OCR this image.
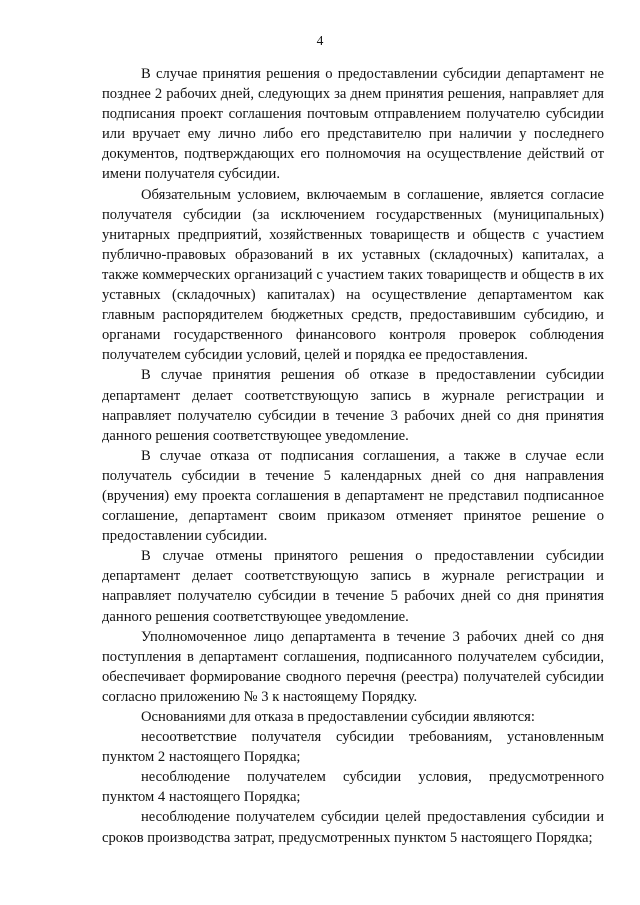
4

В случае принятия решения о предоставлении субсидии департамент не позднее 2 рабочих дней, следующих за днем принятия решения, направляет для подписания проект соглашения почтовым отправлением получателю субсидии или вручает ему лично либо его представителю при наличии у последнего документов, подтверждающих его полномочия на осуществление действий от имени получателя субсидии.

Обязательным условием, включаемым в соглашение, является согласие получателя субсидии (за исключением государственных (муниципальных) унитарных предприятий, хозяйственных товариществ и обществ с участием публично-правовых образований в их уставных (складочных) капиталах, а также коммерческих организаций с участием таких товариществ и обществ в их уставных (складочных) капиталах) на осуществление департаментом как главным распорядителем бюджетных средств, предоставившим субсидию, и органами государственного финансового контроля проверок соблюдения получателем субсидии условий, целей и порядка ее предоставления.

В случае принятия решения об отказе в предоставлении субсидии департамент делает соответствующую запись в журнале регистрации и направляет получателю субсидии в течение 3 рабочих дней со дня принятия данного решения соответствующее уведомление.

В случае отказа от подписания соглашения, а также в случае если получатель субсидии в течение 5 календарных дней со дня направления (вручения) ему проекта соглашения в департамент не представил подписанное соглашение, департамент своим приказом отменяет принятое решение о предоставлении субсидии.

В случае отмены принятого решения о предоставлении субсидии департамент делает соответствующую запись в журнале регистрации и направляет получателю субсидии в течение 5 рабочих дней со дня принятия данного решения соответствующее уведомление.

Уполномоченное лицо департамента в течение 3 рабочих дней со дня поступления в департамент соглашения, подписанного получателем субсидии, обеспечивает формирование сводного перечня (реестра) получателей субсидии согласно приложению № 3 к настоящему Порядку.

Основаниями для отказа в предоставлении субсидии являются:

несоответствие получателя субсидии требованиям, установленным пунктом 2 настоящего Порядка;

несоблюдение получателем субсидии условия, предусмотренного пунктом 4 настоящего Порядка;

несоблюдение получателем субсидии целей предоставления субсидии и сроков производства затрат, предусмотренных пунктом 5 настоящего Порядка;
